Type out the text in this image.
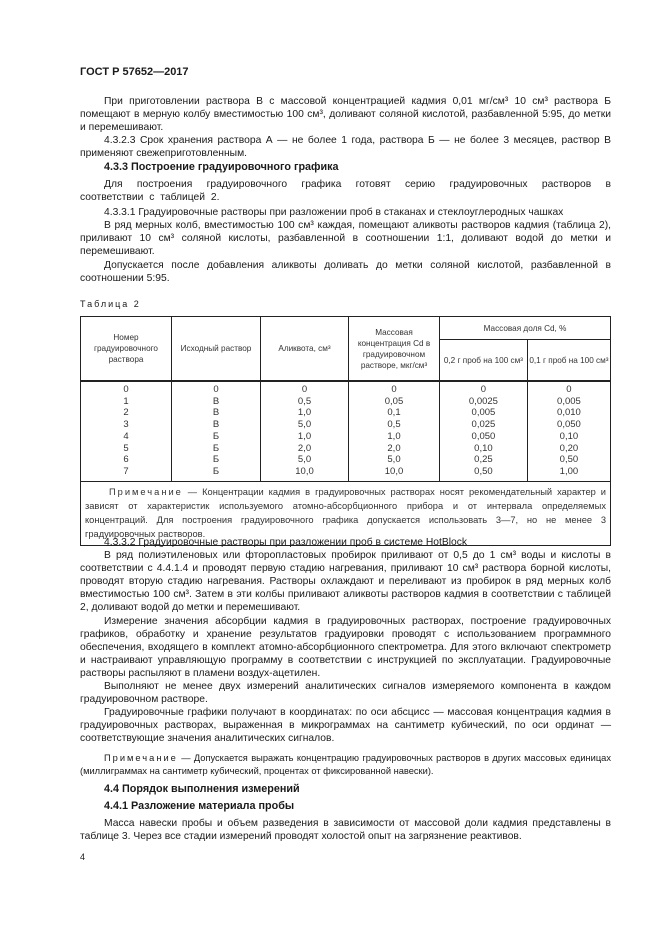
ГОСТ Р 57652—2017
При приготовлении раствора В с массовой концентрацией кадмия 0,01 мг/см³ 10 см³ раствора Б помещают в мерную колбу вместимостью 100 см³, доливают соляной кислотой, разбавленной 5:95, до метки и перемешивают.
4.3.2.3 Срок хранения раствора А — не более 1 года, раствора Б — не более 3 месяцев, раствор В применяют свежеприготовленным.
4.3.3 Построение градуировочного графика
Для построения градуировочного графика готовят серию градуировочных растворов в соответствии с таблицей 2.
4.3.3.1 Градуировочные растворы при разложении проб в стаканах и стеклоуглеродных чашках
В ряд мерных колб, вместимостью 100 см³ каждая, помещают аликвоты растворов кадмия (таблица 2), приливают 10 см³ соляной кислоты, разбавленной в соотношении 1:1, доливают водой до метки и перемешивают.
Допускается после добавления аликвоты доливать до метки соляной кислотой, разбавленной в соотношении 5:95.
Таблица 2
Номер градуировочного раствора	Исходный раствор	Аликвота, см³	Массовая концентрация Cd в градуировочном растворе, мкг/см³	Массовая доля Cd, %	
				0,2 г проб на 100 см³	0,1 г проб на 100 см³
0	0	0	0	0	0
1	В	0,5	0,05	0,0025	0,005
2	В	1,0	0,1	0,005	0,010
3	В	5,0	0,5	0,025	0,050
4	Б	1,0	1,0	0,050	0,10
5	Б	2,0	2,0	0,10	0,20
6	Б	5,0	5,0	0,25	0,50
7	Б	10,0	10,0	0,50	1,00
Примечание — Концентрации кадмия в градуировочных растворах носят рекомендательный характер и зависят от характеристик используемого атомно-абсорбционного прибора и от интервала определяемых концентраций. Для построения градуировочного графика допускается использовать 3—7, но не менее 3 градуировочных растворов.					
4.3.3.2 Градуировочные растворы при разложении проб в системе HotBlock
В ряд полиэтиленовых или фторопластовых пробирок приливают от 0,5 до 1 см³ воды и кислоты в соответствии с 4.4.1.4 и проводят первую стадию нагревания, приливают 10 см³ раствора борной кислоты, проводят вторую стадию нагревания. Растворы охлаждают и переливают из пробирок в ряд мерных колб вместимостью 100 см³. Затем в эти колбы приливают аликвоты растворов кадмия в соответствии с таблицей 2, доливают водой до метки и перемешивают.
Измерение значения абсорбции кадмия в градуировочных растворах, построение градуировочных графиков, обработку и хранение результатов градуировки проводят с использованием программного обеспечения, входящего в комплект атомно-абсорбционного спектрометра. Для этого включают спектрометр и настраивают управляющую программу в соответствии с инструкцией по эксплуатации. Градуировочные растворы распыляют в пламени воздух-ацетилен.
Выполняют не менее двух измерений аналитических сигналов измеряемого компонента в каждом градуировочном растворе.
Градуировочные графики получают в координатах: по оси абсцисс — массовая концентрация кадмия в градуировочных растворах, выраженная в микрограммах на сантиметр кубический, по оси ординат — соответствующие значения аналитических сигналов.
Примечание — Допускается выражать концентрацию градуировочных растворов в других массовых единицах (миллиграммах на сантиметр кубический, процентах от фиксированной навески).
4.4 Порядок выполнения измерений
4.4.1 Разложение материала пробы
Масса навески пробы и объем разведения в зависимости от массовой доли кадмия представлены в таблице 3. Через все стадии измерений проводят холостой опыт на загрязнение реактивов.
4
